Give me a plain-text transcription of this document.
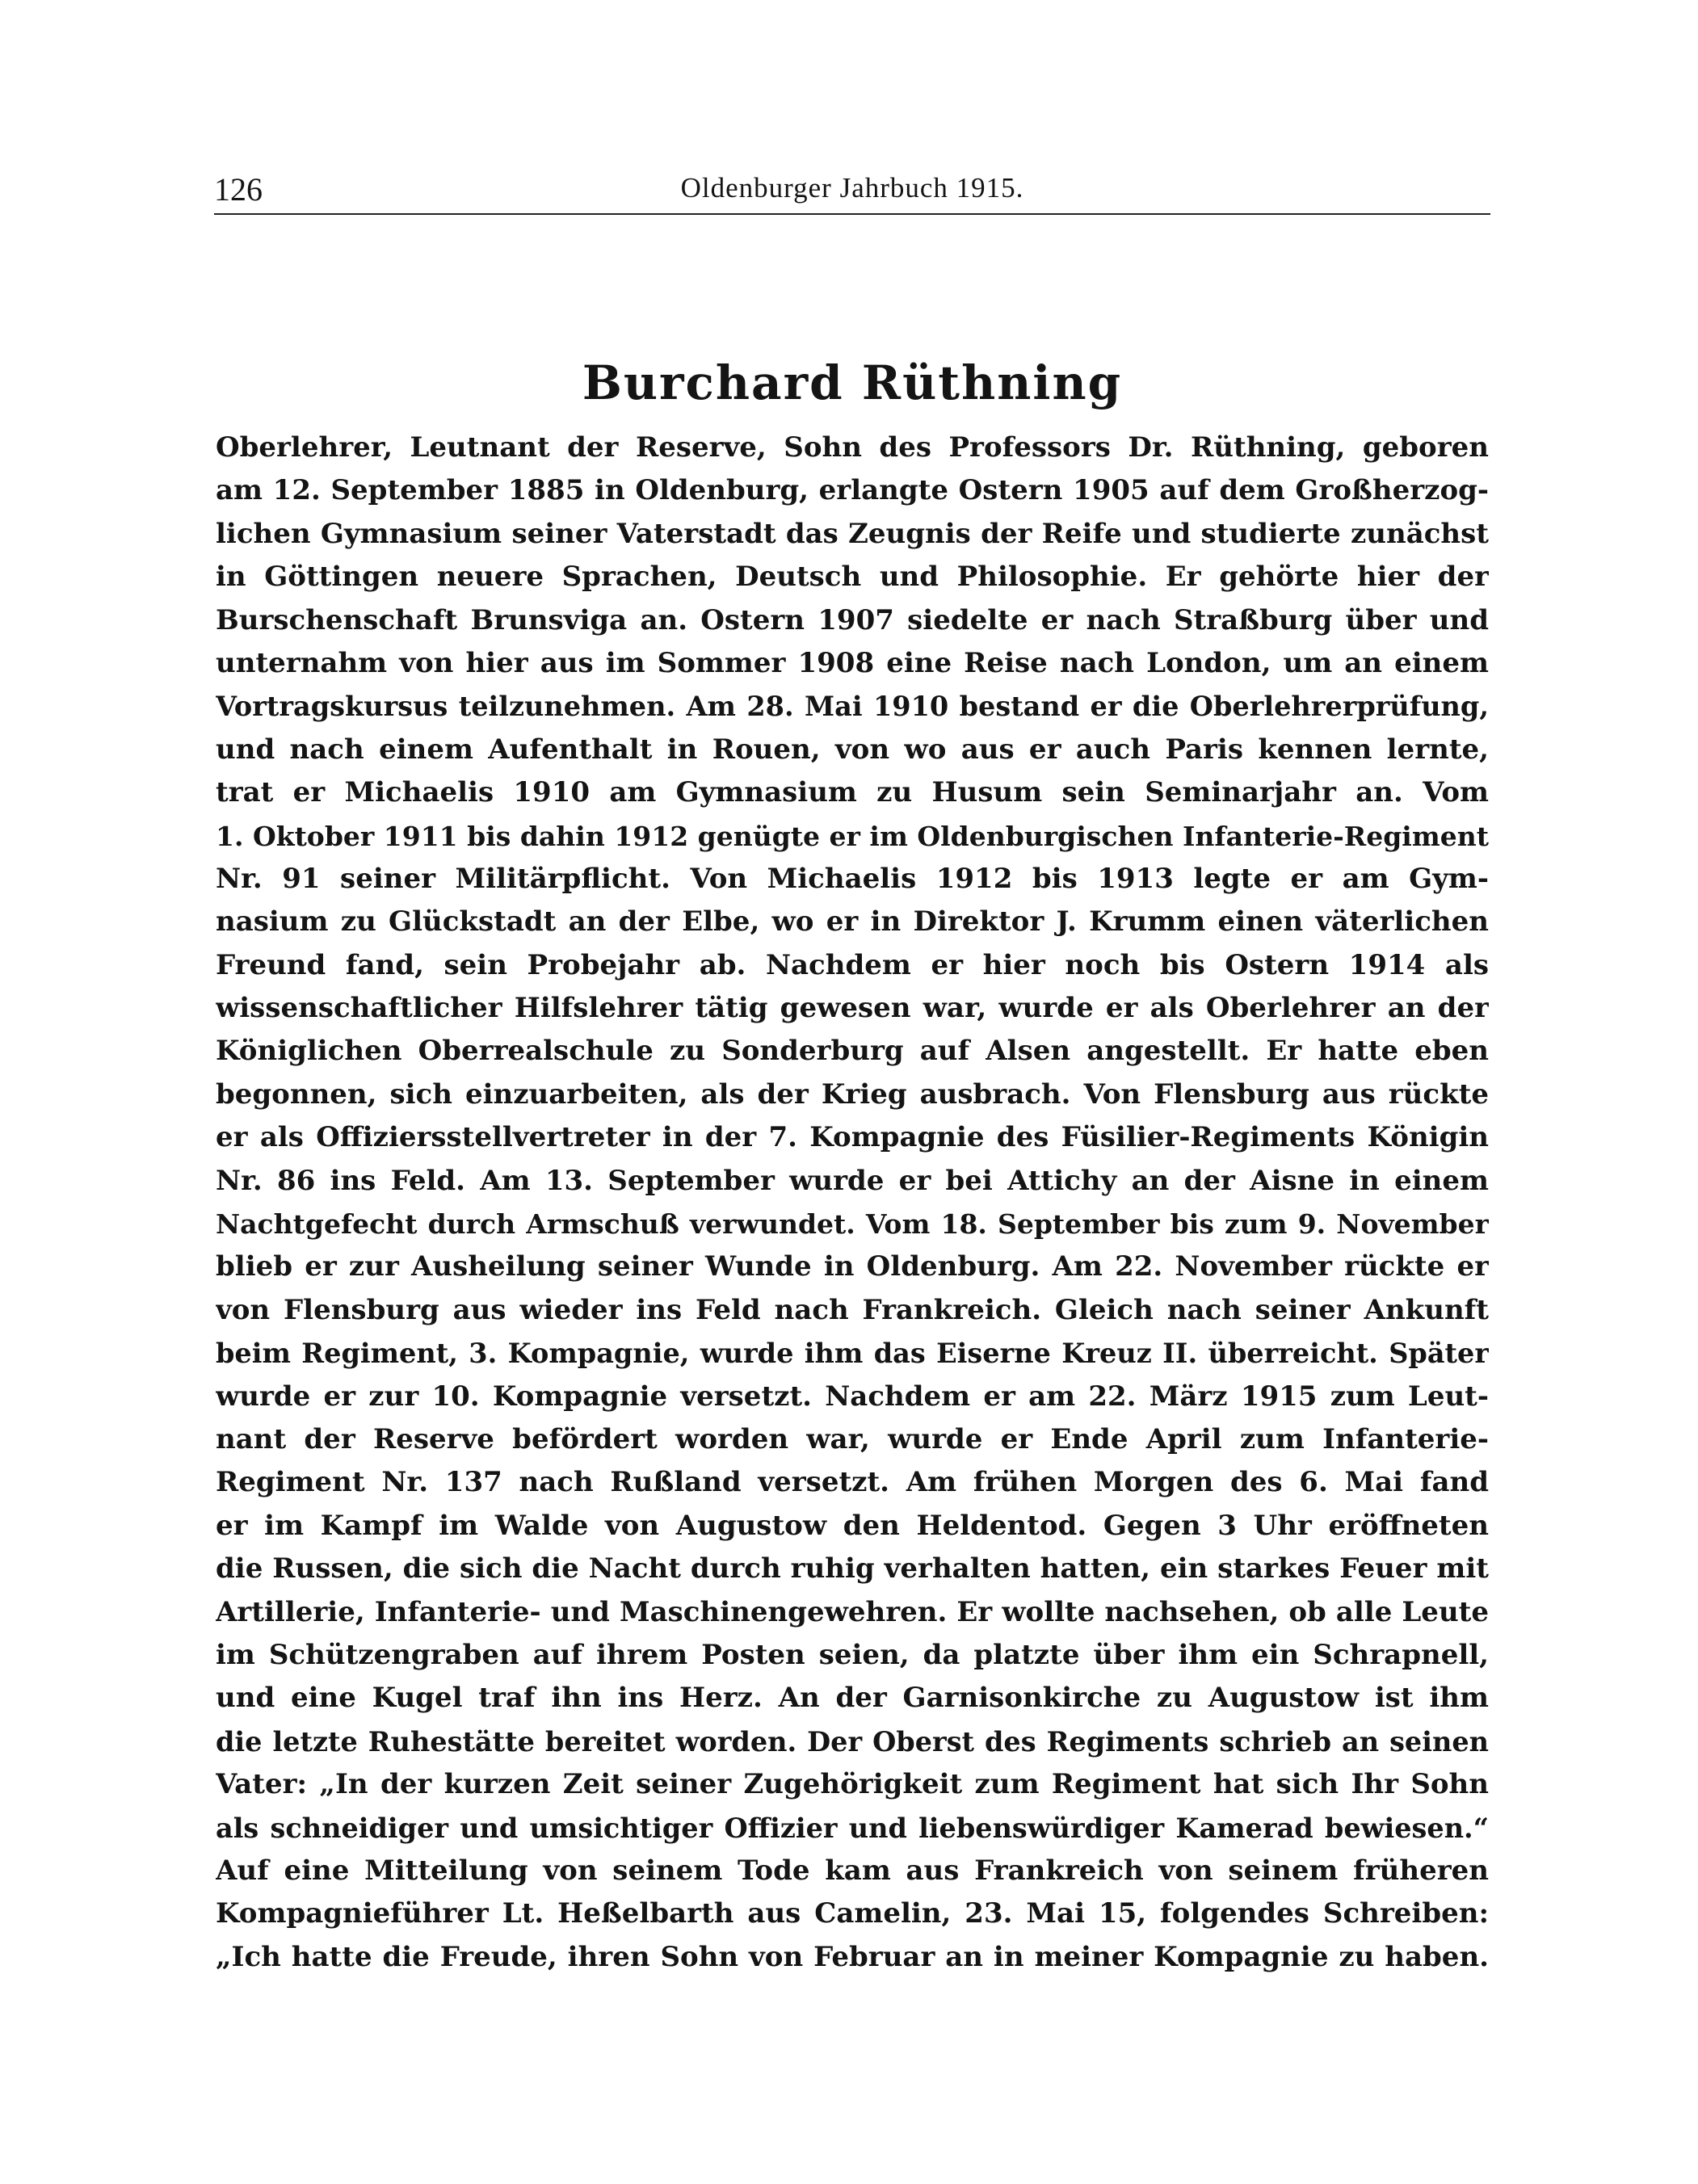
126	Oldenburger Jahrbuch 1915.
Burchard Rüthning
Oberlehrer, Leutnant der Reserve, Sohn des Professors Dr. Rüthning, geboren
am 12. September 1885 in Oldenburg, erlangte Ostern 1905 auf dem Großherzog-
lichen Gymnasium seiner Vaterstadt das Zeugnis der Reife und studierte zunächst
in Göttingen neuere Sprachen, Deutsch und Philosophie. Er gehörte hier der
Burschenschaft Brunsviga an. Ostern 1907 siedelte er nach Straßburg über und
unternahm von hier aus im Sommer 1908 eine Reise nach London, um an einem
Vortragskursus teilzunehmen. Am 28. Mai 1910 bestand er die Oberlehrerprüfung,
und nach einem Aufenthalt in Rouen, von wo aus er auch Paris kennen lernte,
trat er Michaelis 1910 am Gymnasium zu Husum sein Seminarjahr an. Vom
1. Oktober 1911 bis dahin 1912 genügte er im Oldenburgischen Infanterie-Regiment
Nr. 91 seiner Militärpflicht. Von Michaelis 1912 bis 1913 legte er am Gym-
nasium zu Glückstadt an der Elbe, wo er in Direktor J. Krumm einen väterlichen
Freund fand, sein Probejahr ab. Nachdem er hier noch bis Ostern 1914 als
wissenschaftlicher Hilfslehrer tätig gewesen war, wurde er als Oberlehrer an der
Königlichen Oberrealschule zu Sonderburg auf Alsen angestellt. Er hatte eben
begonnen, sich einzuarbeiten, als der Krieg ausbrach. Von Flensburg aus rückte
er als Offiziersstellvertreter in der 7. Kompagnie des Füsilier-Regiments Königin
Nr. 86 ins Feld. Am 13. September wurde er bei Attichy an der Aisne in einem
Nachtgefecht durch Armschuß verwundet. Vom 18. September bis zum 9. November
blieb er zur Ausheilung seiner Wunde in Oldenburg. Am 22. November rückte er
von Flensburg aus wieder ins Feld nach Frankreich. Gleich nach seiner Ankunft
beim Regiment, 3. Kompagnie, wurde ihm das Eiserne Kreuz II. überreicht. Später
wurde er zur 10. Kompagnie versetzt. Nachdem er am 22. März 1915 zum Leut-
nant der Reserve befördert worden war, wurde er Ende April zum Infanterie-
Regiment Nr. 137 nach Rußland versetzt. Am frühen Morgen des 6. Mai fand
er im Kampf im Walde von Augustow den Heldentod. Gegen 3 Uhr eröffneten
die Russen, die sich die Nacht durch ruhig verhalten hatten, ein starkes Feuer mit
Artillerie, Infanterie- und Maschinengewehren. Er wollte nachsehen, ob alle Leute
im Schützengraben auf ihrem Posten seien, da platzte über ihm ein Schrapnell,
und eine Kugel traf ihn ins Herz. An der Garnisonkirche zu Augustow ist ihm
die letzte Ruhestätte bereitet worden. Der Oberst des Regiments schrieb an seinen
Vater: „In der kurzen Zeit seiner Zugehörigkeit zum Regiment hat sich Ihr Sohn
als schneidiger und umsichtiger Offizier und liebenswürdiger Kamerad bewiesen.“
Auf eine Mitteilung von seinem Tode kam aus Frankreich von seinem früheren
Kompagnieführer Lt. Heßelbarth aus Camelin, 23. Mai 15, folgendes Schreiben:
„Ich hatte die Freude, ihren Sohn von Februar an in meiner Kompagnie zu haben.
